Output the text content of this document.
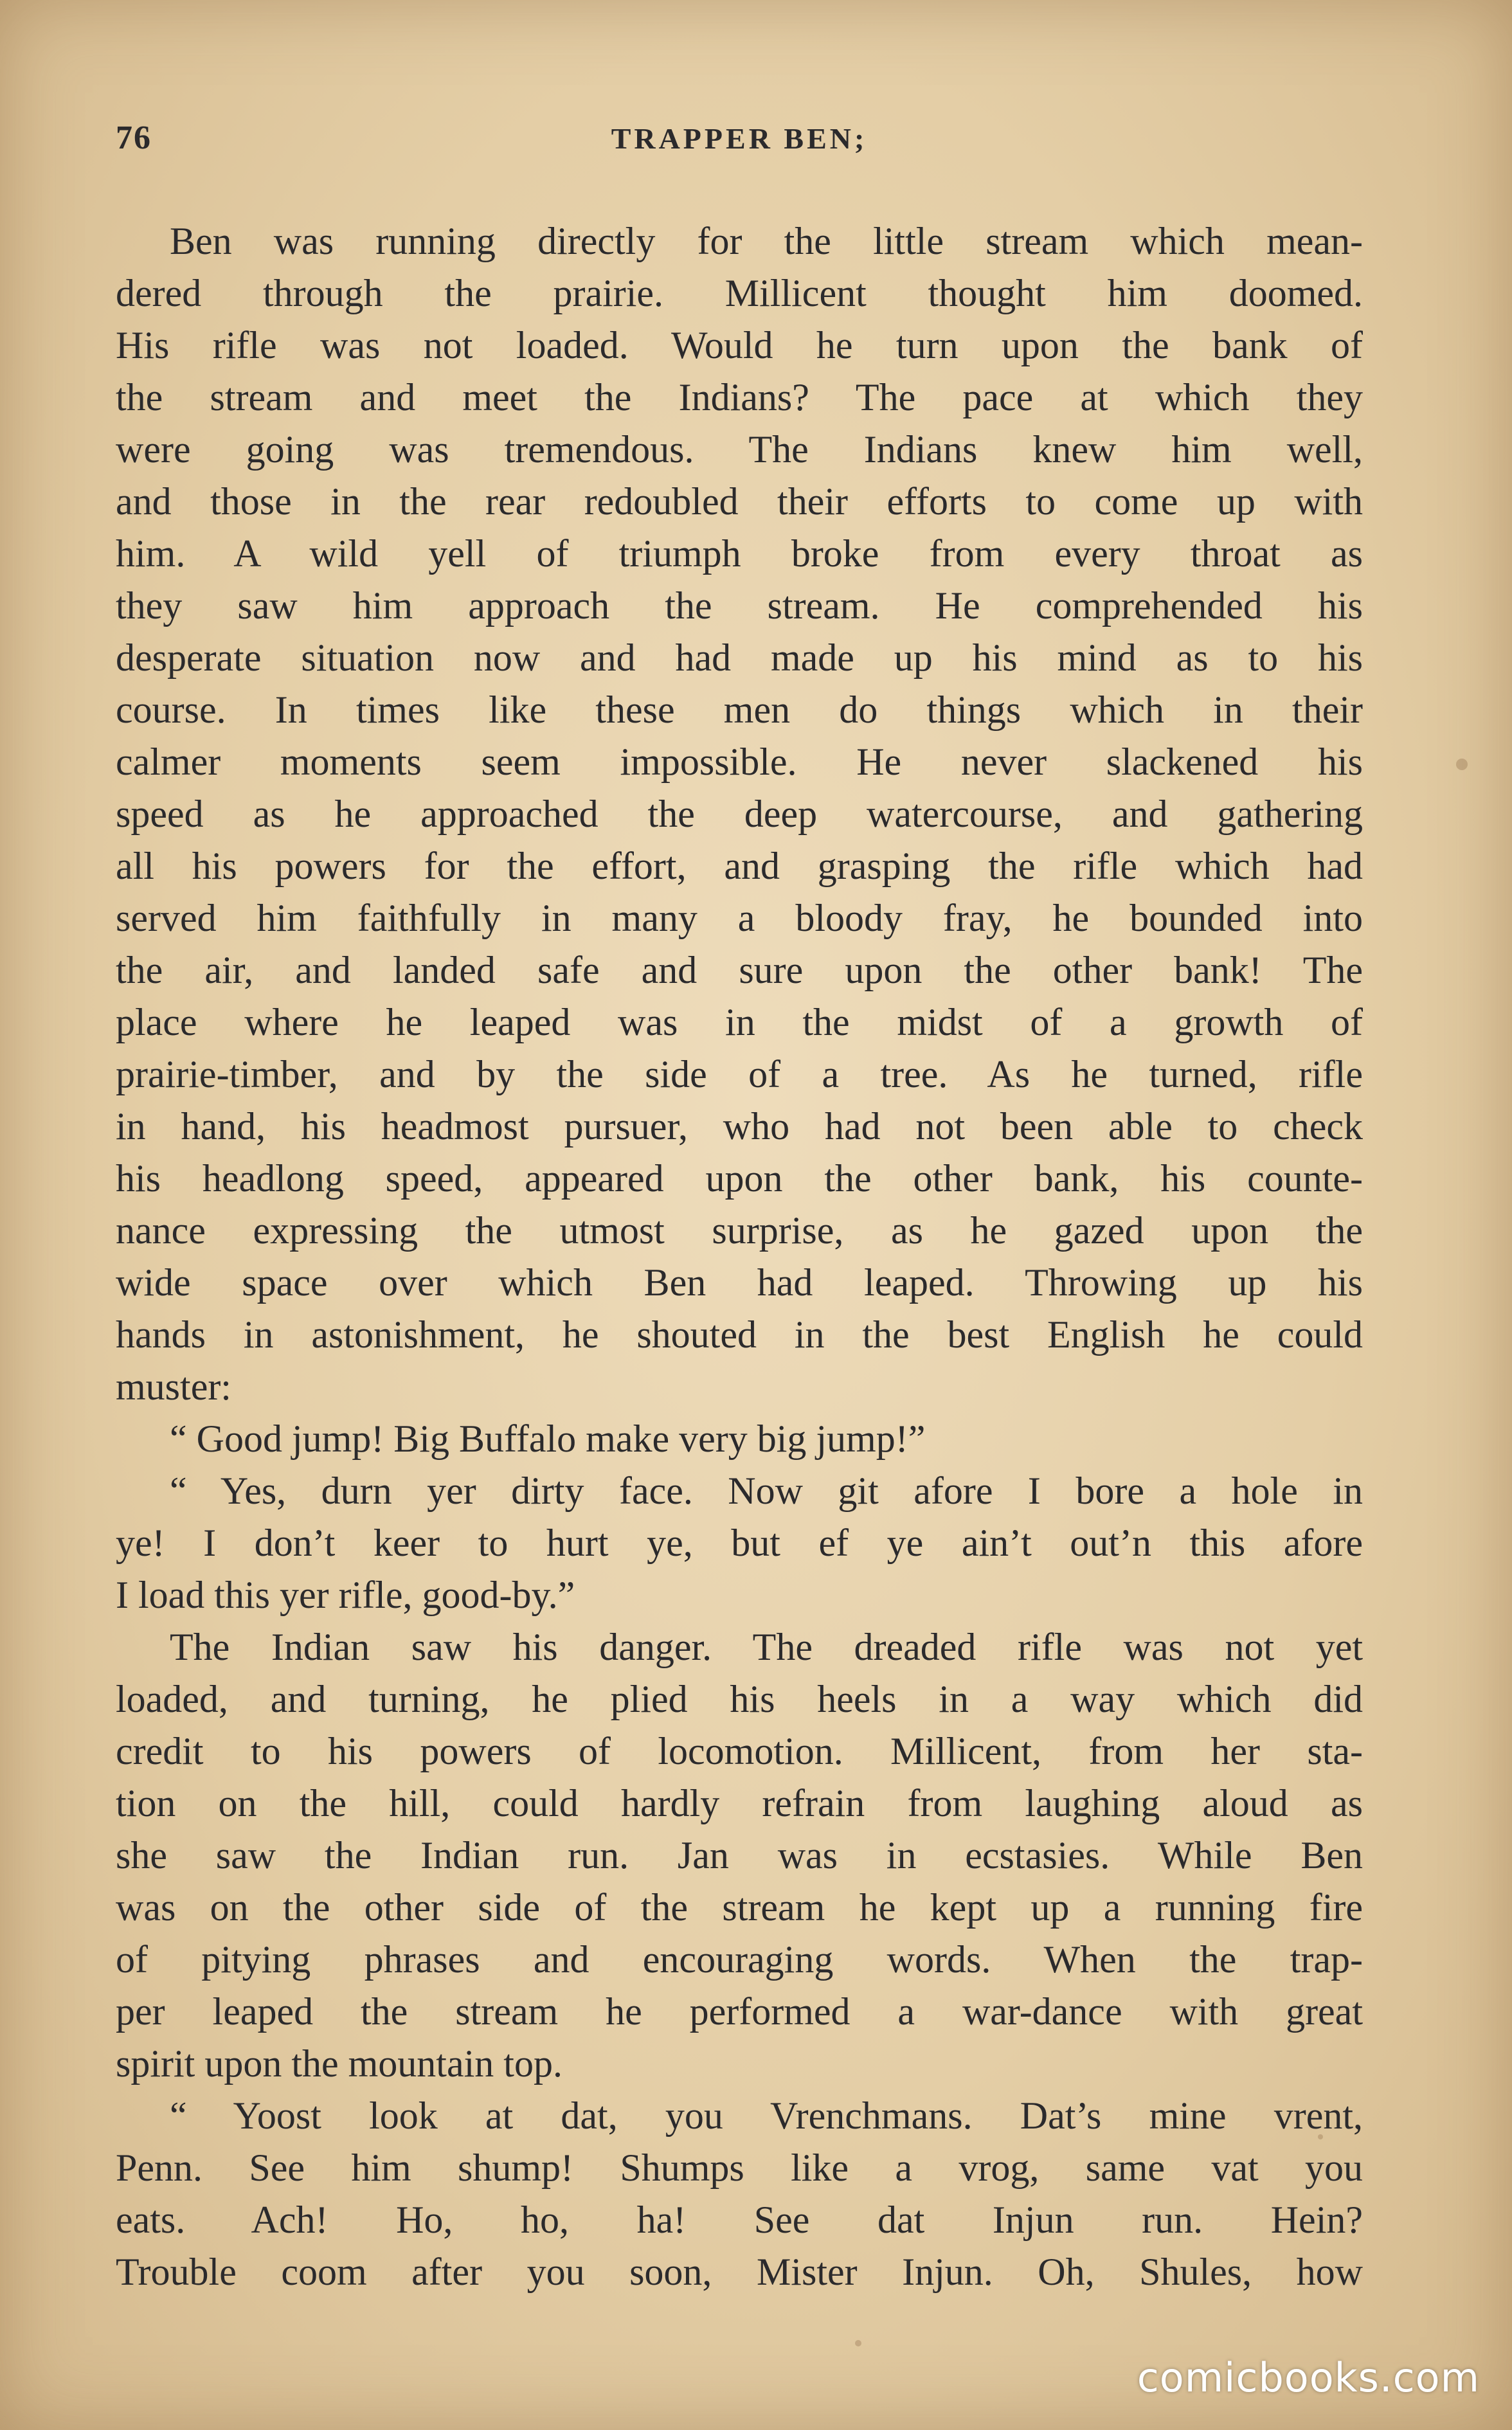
76	TRAPPER BEN;
Ben was running directly for the little stream which mean-
dered through the prairie. Millicent thought him doomed.
His rifle was not loaded. Would he turn upon the bank of
the stream and meet the Indians? The pace at which they
were going was tremendous. The Indians knew him well,
and those in the rear redoubled their efforts to come up with
him. A wild yell of triumph broke from every throat as
they saw him approach the stream. He comprehended his
desperate situation now and had made up his mind as to his
course. In times like these men do things which in their
calmer moments seem impossible. He never slackened his
speed as he approached the deep watercourse, and gathering
all his powers for the effort, and grasping the rifle which had
served him faithfully in many a bloody fray, he bounded into
the air, and landed safe and sure upon the other bank! The
place where he leaped was in the midst of a growth of
prairie-timber, and by the side of a tree. As he turned, rifle
in hand, his headmost pursuer, who had not been able to check
his headlong speed, appeared upon the other bank, his counte-
nance expressing the utmost surprise, as he gazed upon the
wide space over which Ben had leaped. Throwing up his
hands in astonishment, he shouted in the best English he could
muster:
“ Good jump! Big Buffalo make very big jump!”
“ Yes, durn yer dirty face. Now git afore I bore a hole in
ye! I don’t keer to hurt ye, but ef ye ain’t out’n this afore
I load this yer rifle, good-by.”
The Indian saw his danger. The dreaded rifle was not yet
loaded, and turning, he plied his heels in a way which did
credit to his powers of locomotion. Millicent, from her sta-
tion on the hill, could hardly refrain from laughing aloud as
she saw the Indian run. Jan was in ecstasies. While Ben
was on the other side of the stream he kept up a running fire
of pitying phrases and encouraging words. When the trap-
per leaped the stream he performed a war-dance with great
spirit upon the mountain top.
“ Yoost look at dat, you Vrenchmans. Dat’s mine vrent,
Penn. See him shump! Shumps like a vrog, same vat you
eats. Ach! Ho, ho, ha! See dat Injun run. Hein?
Trouble coom after you soon, Mister Injun. Oh, Shules, how
comicbooks.com
